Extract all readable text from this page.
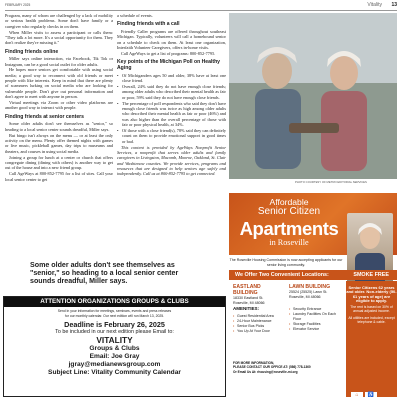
FEBRUARY 2025	Vitality 13

Program, many of whom are challenged by a lack of mobility or serious health problems. Some don't have family or a caregiver who regularly checks in on them.

When Miller visits to assess a participant or calls them: "They talk a lot more. It's a social opportunity for them. They don't realize they're missing it."

Finding friends online

Miller says online interaction, via Facebook, Tik Tok or Instagram, can be a good social outlet for older adults.

He hopes more seniors get comfortable with using social media; a good way to reconnect with old friends or meet people with like interests. Keep in mind that there are plenty of scammers lurking on social media who are looking for vulnerable people. Don't give out personal information and don't agree to meet with anyone in person.

Virtual meetings via Zoom or other video platforms are another good way to interact with people.

Finding friends at senior centers

Some older adults don't see themselves as "senior," so heading to a local senior center sounds dreadful, Miller says.

But bingo isn't always on the menu — or at least the only activity on the menu. Plenty offer themed nights with games or live music, pickleball games, day trips to museums and theaters, and courses in using social media.

Joining a group for lunch at a center or church that offers congregate dining (dining with others) is another way to get out of the house and into a new friend group.

Call AgeWays at 800-852-7795 for a list of sites. Call your local senior center to get

a schedule of events.

Finding friends with a call

Friendly Caller programs are offered throughout southeast Michigan. Typically, volunteers will call a homebound senior on a schedule to check on them. At least one organization, Interfaith Volunteer Caregivers, offers in-home visits.

Call AgeWays to get a list of programs: 800-852-7795.

Key points of the Michigan Poll on Healthy Aging
• Of Michiganders ages 50 and older, 38% have at least one close friend.
• Overall, 24% said they do not have enough close friends; among older adults who described their mental health as fair or poor, 59% said they do not have enough close friends.
• The percentage of poll respondents who said they don't have enough close friends was twice as high among older adults who described their mental health as fair or poor (46%) and was also higher than the overall percentage of those with fair or poor physical health, at 34%.
• Of those with a close friend(s), 78% said they can definitely count on them to provide emotional support in good times or bad.

This content is provided by AgeWays Nonprofit Senior Services, a nonprofit that serves older adults and family caregivers in Livingston, Macomb, Monroe, Oakland, St. Clair and Washtenaw counties. We provide services, programs and resources that are designed to help seniors age safely and independently. Call us at 800-852-7795 to get connected.

PHOTO COURTESY OF METRO EDITORIAL SERVICES
Some older adults don't see themselves as "senior," so heading to a local senior center sounds dreadful, Miller says.
ATTENTION ORGANIZATIONS GROUPS & CLUBS
Send in your information for meetings, seminars, events and press releases
for our monthly calendar. Our next edition will run March 13, 2025.
Deadline is February 26, 2025
To be included in our next edition please Email to:
VITALITY
Groups & Clubs
Email: Joe Gray
jgray@medianewsgroup.com
Subject Line: Vitality Community Calendar
Affordable
Senior Citizen
Apartments
in Roseville
The Roseville Housing Commission is now accepting applicants for our senior living community.
We Offer Two Convenient Locations:	SMOKE FREE
EASTLAND BUILDING
18330 Eastland St.
Roseville, MI 48066
AMENITIES:
• Guest Residential Area
• 24-Hour Maintenance
• Senior Bus Picks
• You Up At Your Door
LAWN BUILDING
25524 (25525) Lawn St.
Roseville, MI 48066
• Security Entrance
• Laundry Facilities On Each Floor
• Storage Facilities
• Elevator Service
FOR MORE INFORMATION,
PLEASE CONTACT OUR OFFICE AT: (586) 778-1360
Or Email Us At: rhousing@roseville-mi.org

Senior Citizens 62 years and older. Non-elderly (50-61 years of age) are eligible to apply.

The rent is based on 30% of annual adjusted income.

All utilities are included, except telephone & cable.

⌂ ♿
